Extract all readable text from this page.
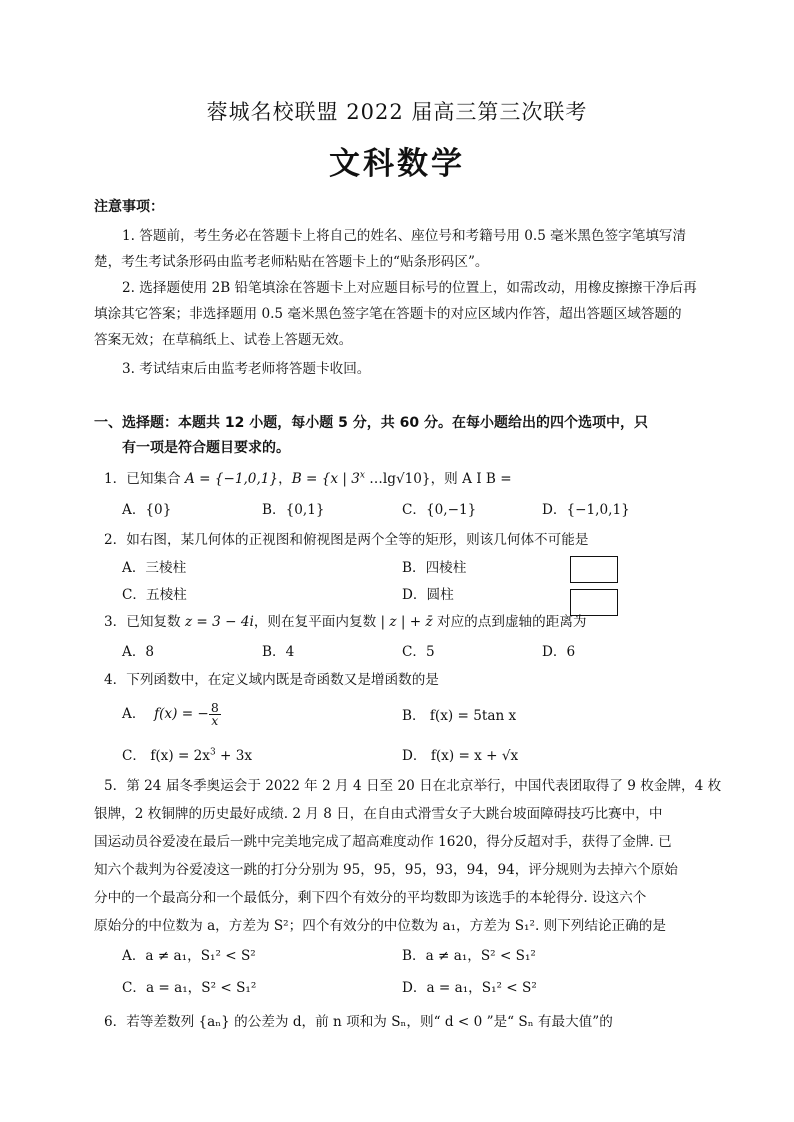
蓉城名校联盟 2022 届高三第三次联考
文科数学
注意事项：
1. 答题前，考生务必在答题卡上将自己的姓名、座位号和考籍号用 0.5 毫米黑色签字笔填写清
楚，考生考试条形码由监考老师粘贴在答题卡上的“贴条形码区”。
2. 选择题使用 2B 铅笔填涂在答题卡上对应题目标号的位置上，如需改动，用橡皮擦擦干净后再
填涂其它答案；非选择题用 0.5 毫米黑色签字笔在答题卡的对应区域内作答，超出答题区域答题的
答案无效；在草稿纸上、试卷上答题无效。
3. 考试结束后由监考老师将答题卡收回。
一、选择题：本题共 12 小题，每小题 5 分，共 60 分。在每小题给出的四个选项中，只
有一项是符合题目要求的。
1．已知集合 A = {−1,0,1}，B = {x | 3$^x$ …lg√10}，则 A I B =
A．{0}	B．{0,1}	C．{0,−1}	D．{−1,0,1}
2．如右图，某几何体的正视图和俯视图是两个全等的矩形，则该几何体不可能是
A．三棱柱	B．四棱柱
C．五棱柱	D．圆柱
3．已知复数 z = 3 − 4i，则在复平面内复数 | z | + z̄ 对应的点到虚轴的距离为
A．8	B．4	C．5	D．6
4．下列函数中，在定义域内既是奇函数又是增函数的是
A． f(x) = − $\frac{8}{x}$	B． f(x) = 5tan x
C． $f(x) = 2x^3 + 3x$	D． f(x) = x + √x
5．第 24 届冬季奥运会于 2022 年 2 月 4 日至 20 日在北京举行，中国代表团取得了 9 枚金牌，4 枚
银牌，2 枚铜牌的历史最好成绩. 2 月 8 日，在自由式滑雪女子大跳台坡面障碍技巧比赛中，中
国运动员谷爱凌在最后一跳中完美地完成了超高难度动作 1620，得分反超对手，获得了金牌. 已
知六个裁判为谷爱凌这一跳的打分分别为 95，95，95，93，94，94，评分规则为去掉六个原始
分中的一个最高分和一个最低分，剩下四个有效分的平均数即为该选手的本轮得分. 设这六个
原始分的中位数为 a，方差为 S²；四个有效分的中位数为 a₁，方差为 S₁². 则下列结论正确的是
A．a ≠ a₁，S₁² < S²	B．a ≠ a₁，S² < S₁²
C．a = a₁，S² < S₁²	D．a = a₁，S₁² < S²
6．若等差数列 {aₙ} 的公差为 d，前 n 项和为 Sₙ，则“ d < 0 ”是“ Sₙ 有最大值”的
